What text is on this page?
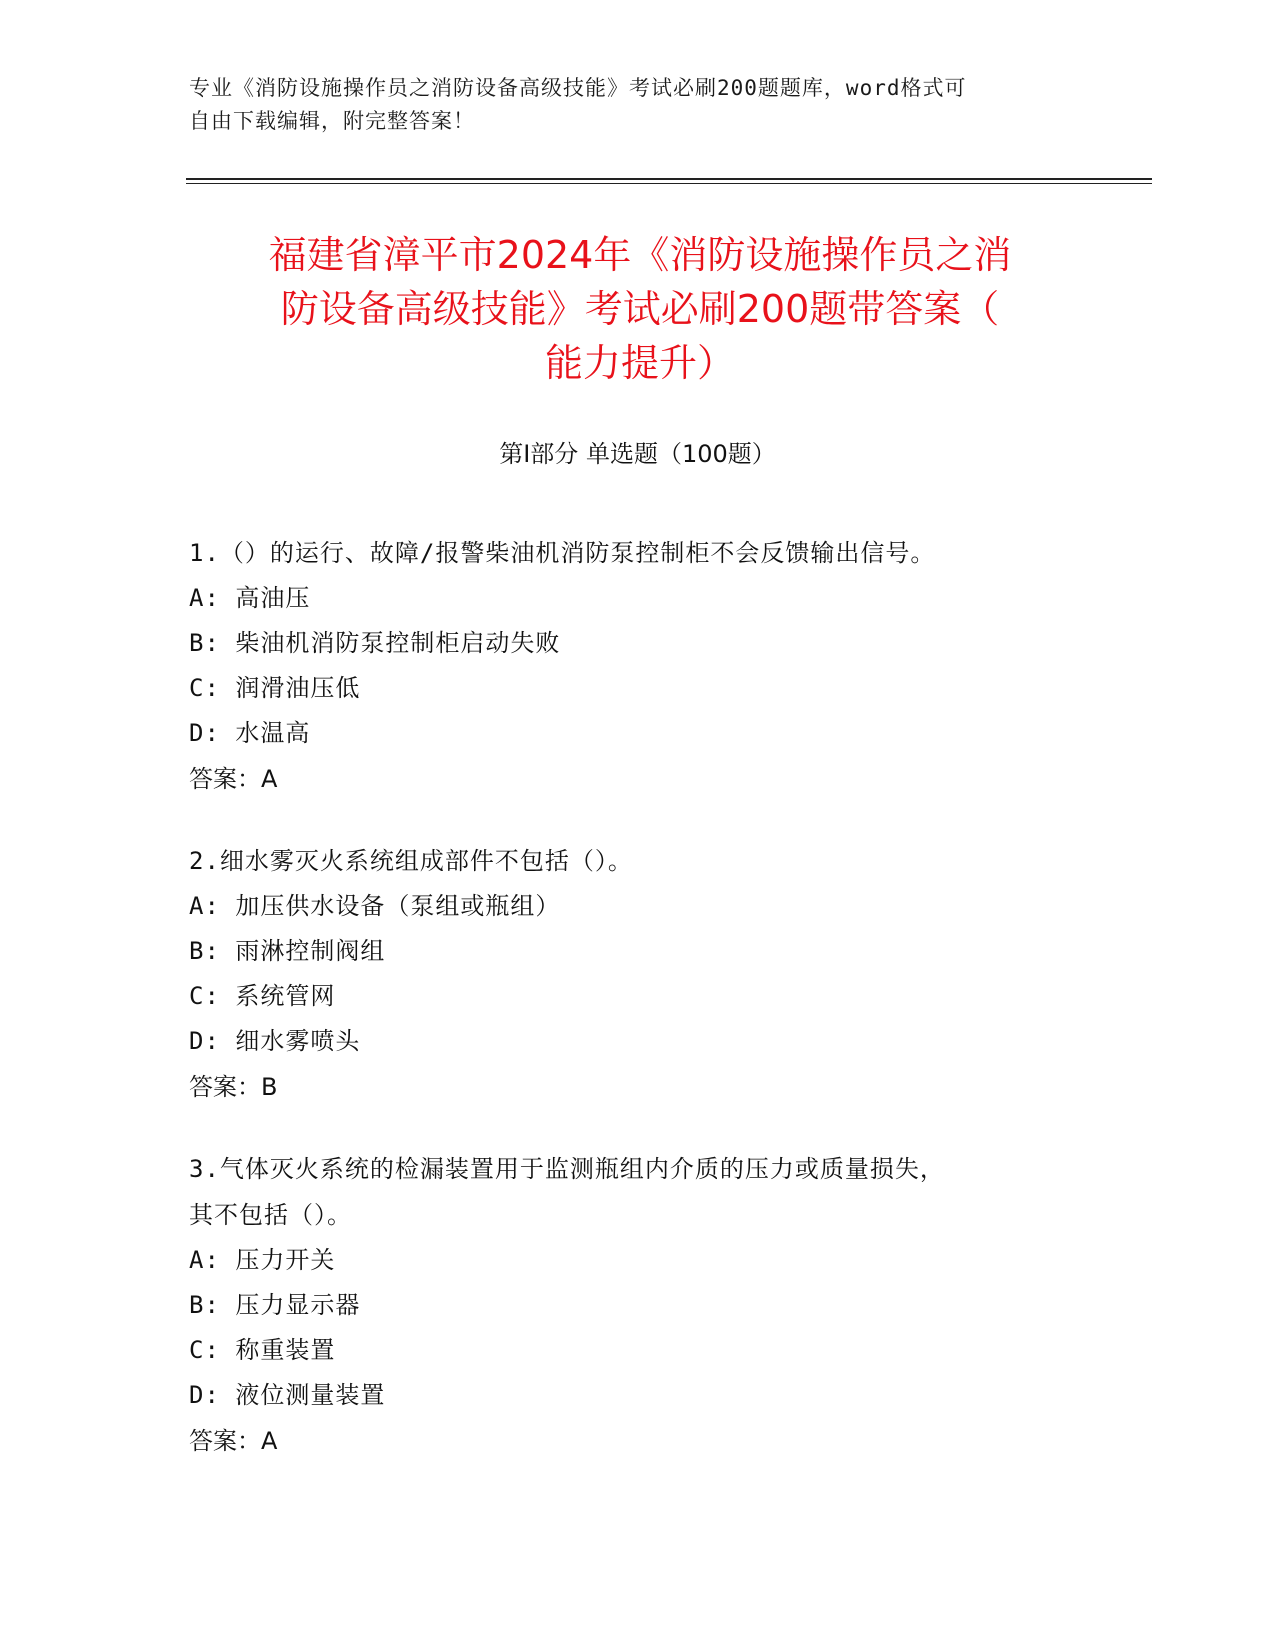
专业《消防设施操作员之消防设备高级技能》考试必刷200题题库，word格式可
自由下载编辑，附完整答案！
福建省漳平市2024年《消防设施操作员之消
防设备高级技能》考试必刷200题带答案（
能力提升）
第Ⅰ部分 单选题（100题）
1.（）的运行、故障/报警柴油机消防泵控制柜不会反馈输出信号。
A: 高油压
B: 柴油机消防泵控制柜启动失败
C: 润滑油压低
D: 水温高
答案：A
2.细水雾灭火系统组成部件不包括（）。
A: 加压供水设备（泵组或瓶组）
B: 雨淋控制阀组
C: 系统管网
D: 细水雾喷头
答案：B
3.气体灭火系统的检漏装置用于监测瓶组内介质的压力或质量损失，
其不包括（）。
A: 压力开关
B: 压力显示器
C: 称重装置
D: 液位测量装置
答案：A
